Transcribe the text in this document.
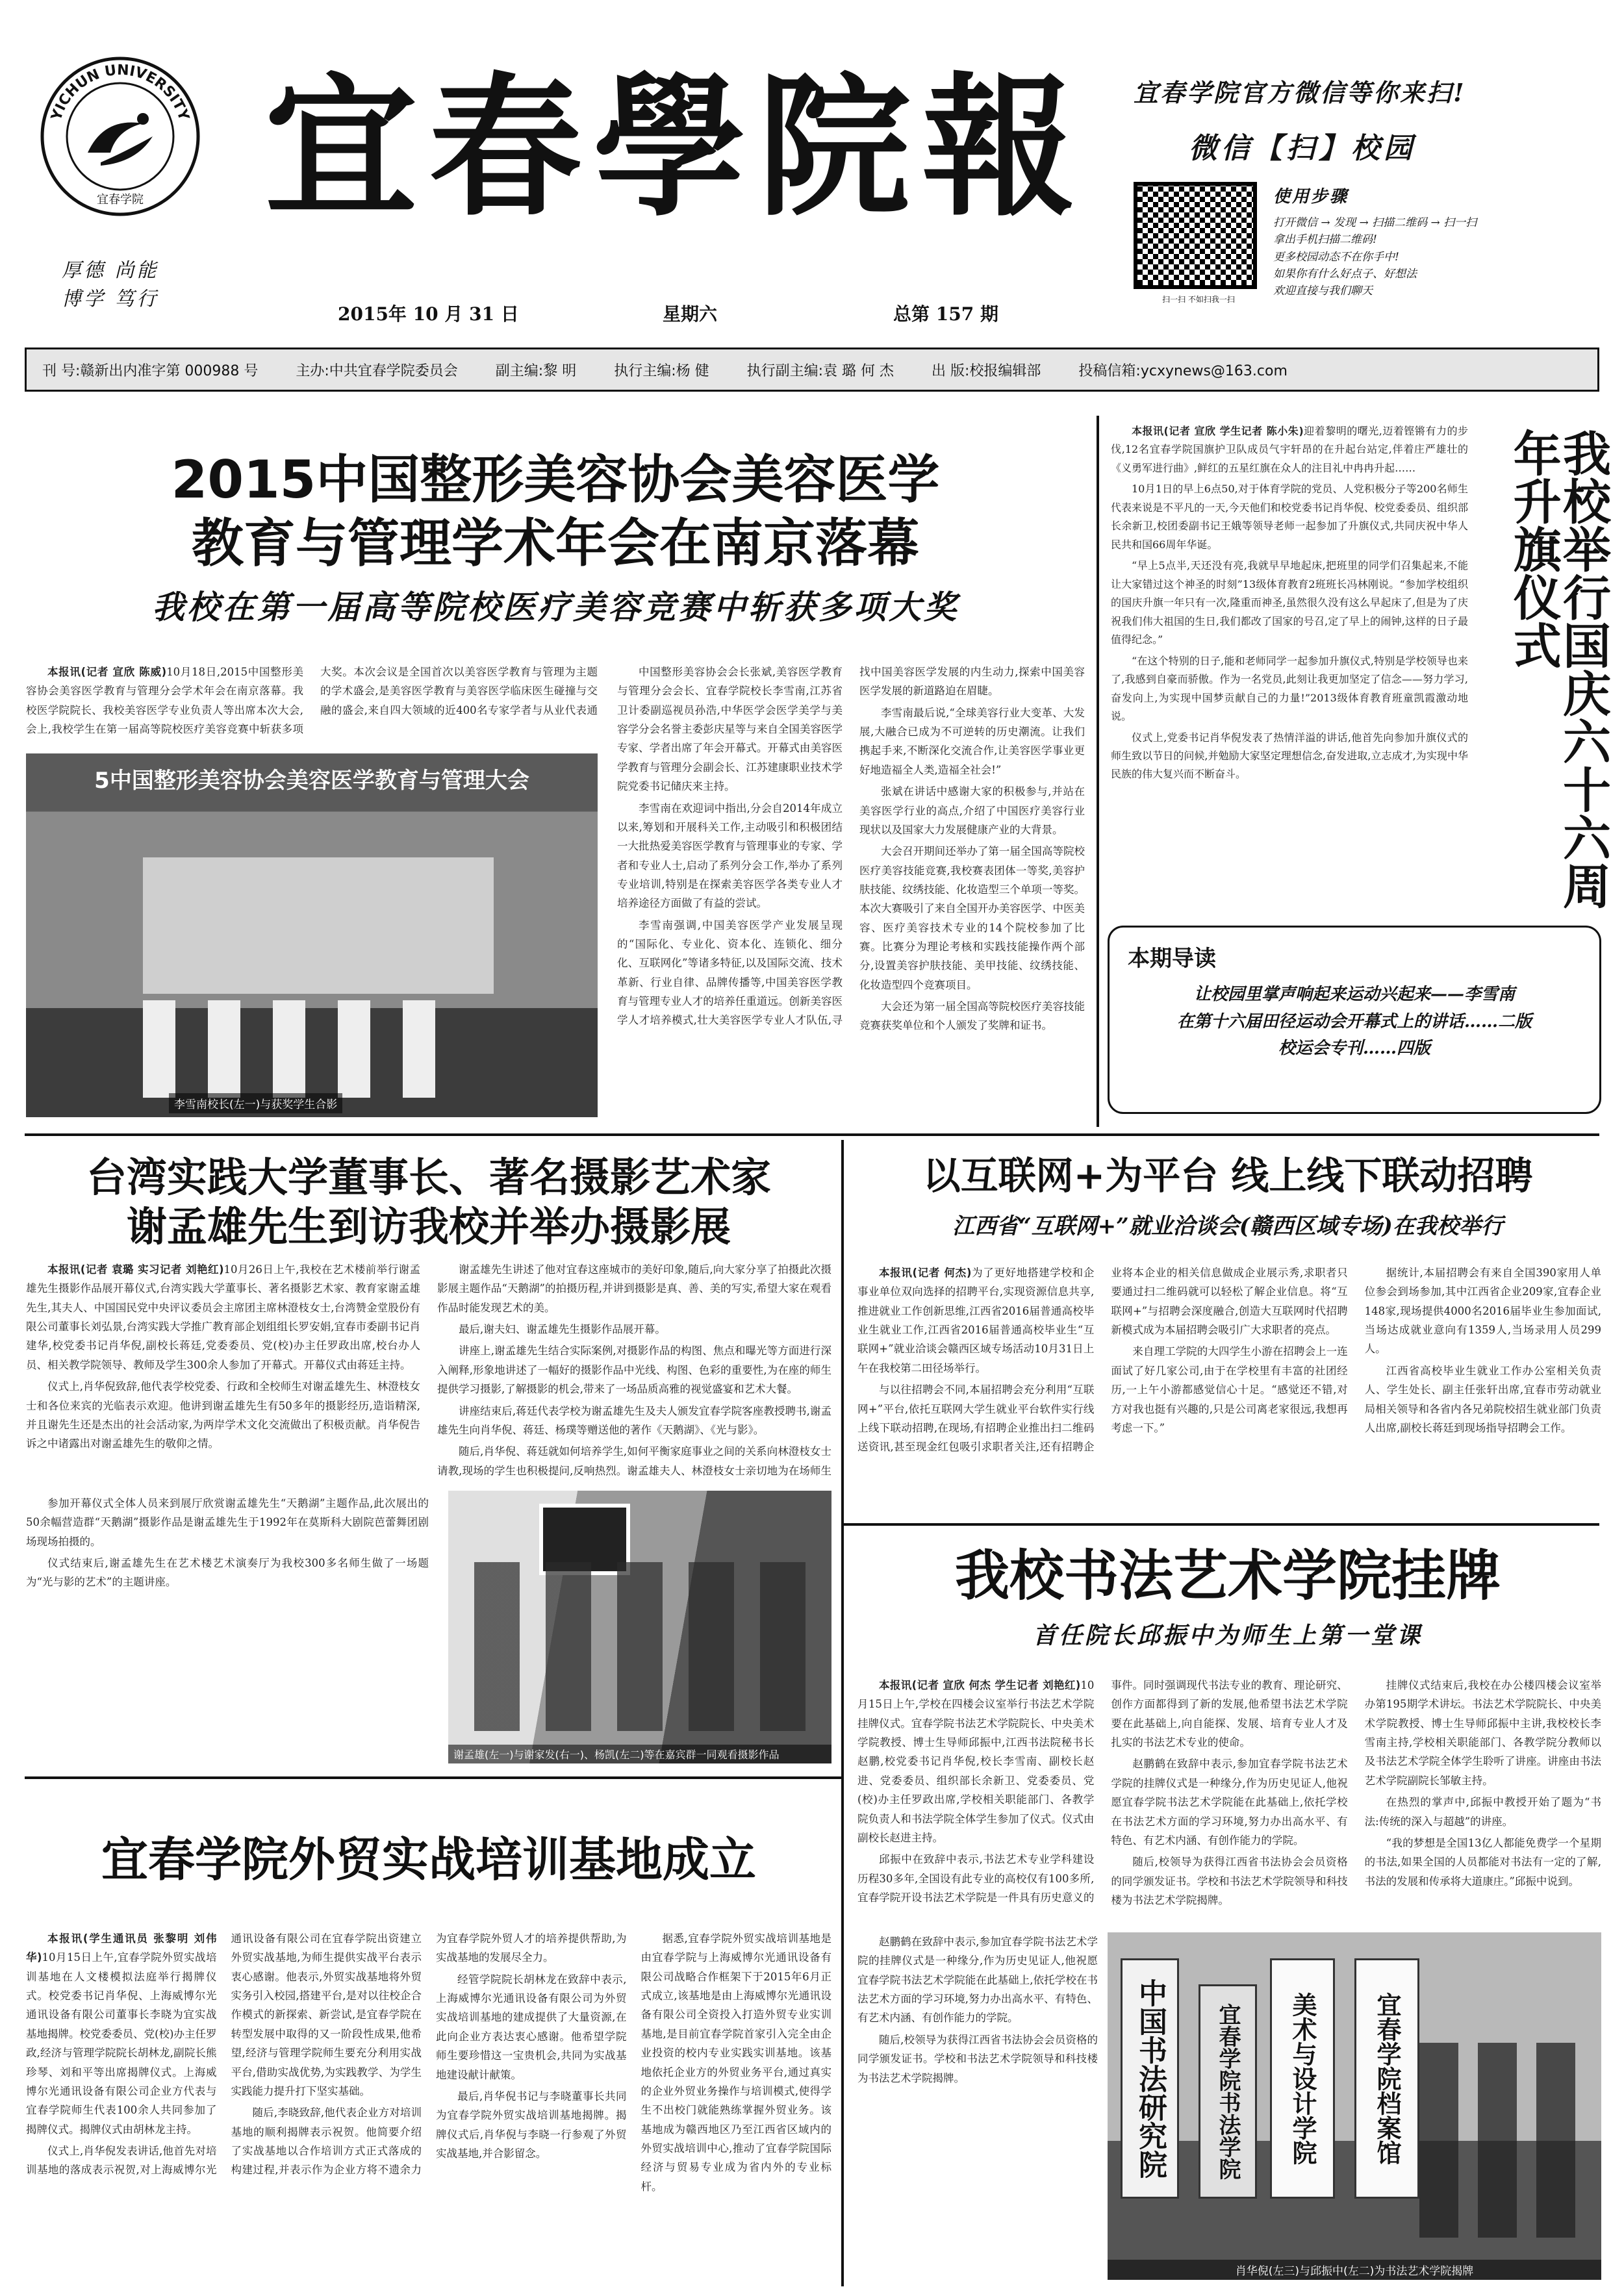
YICHUN UNIVERSITY
宜春学院
厚德 尚能
博学 笃行
宜春學院報
2015年 10 月 31 日	星期六	总第 157 期
宜春学院官方微信等你来扫!
微信【扫】校园
扫一扫 不如扫我一扫
使用步骤
打开微信 → 发现 → 扫描二维码 → 扫一扫
拿出手机扫描二维码!
更多校园动态不在你手中!
如果你有什么好点子、好想法
欢迎直接与我们聊天
刊 号:赣新出内准字第 000988 号	主办:中共宜春学院委员会	副主编:黎 明	执行主编:杨 健	执行副主编:袁 璐 何 杰	出 版:校报编辑部	投稿信箱:ycxynews@163.com
2015中国整形美容协会美容医学
教育与管理学术年会在南京落幕
我校在第一届高等院校医疗美容竞赛中斩获多项大奖

本报讯(记者 宣欣 陈威)10月18日,2015中国整形美容协会美容医学教育与管理分会学术年会在南京落幕。我校医学院院长、我校美容医学专业负责人等出席本次大会,会上,我校学生在第一届高等院校医疗美容竞赛中斩获多项大奖。本次会议是全国首次以美容医学教育与管理为主题的学术盛会,是美容医学教育与美容医学临床医生碰撞与交融的盛会,来自四大领域的近400名专家学者与从业代表通

5中国整形美容协会美容医学教育与管理大会
李雪南校长(左一)与获奖学生合影

中国整形美容协会会长张斌,美容医学教育与管理分会会长、宜春学院校长李雪南,江苏省卫计委副巡视员孙浩,中华医学会医学美学与美容学分会名誉主委彭庆星等与来自全国美容医学专家、学者出席了年会开幕式。开幕式由美容医学教育与管理分会副会长、江苏建康职业技术学院党委书记储庆来主持。

李雪南在欢迎词中指出,分会自2014年成立以来,筹划和开展科关工作,主动吸引和积极团结一大批热爱美容医学教育与管理事业的专家、学者和专业人士,启动了系列分会工作,举办了系列专业培训,特别是在探索美容医学各类专业人才培养途径方面做了有益的尝试。

李雪南强调,中国美容医学产业发展呈现的“国际化、专业化、资本化、连锁化、细分化、互联网化”等诸多特征,以及国际交流、技术革新、行业自律、品牌传播等,中国美容医学教育与管理专业人才的培养任重道远。创新美容医学人才培养模式,壮大美容医学专业人才队伍,寻找中国美容医学发展的内生动力,探索中国美容医学发展的新道路迫在眉睫。

李雪南最后说,“全球美容行业大变革、大发展,大融合已成为不可逆转的历史潮流。让我们携起手来,不断深化交流合作,让美容医学事业更好地造福全人类,造福全社会!”

张斌在讲话中感谢大家的积极参与,并站在美容医学行业的高点,介绍了中国医疗美容行业现状以及国家大力发展健康产业的大背景。

大会召开期间还举办了第一届全国高等院校医疗美容技能竞赛,我校赛表团体一等奖,美容护肤技能、纹绣技能、化妆造型三个单项一等奖。本次大赛吸引了来自全国开办美容医学、中医美容、医疗美容技术专业的14个院校参加了比赛。比赛分为理论考核和实践技能操作两个部分,设置美容护肤技能、美甲技能、纹绣技能、化妆造型四个竞赛项目。

大会还为第一届全国高等院校医疗美容技能竞赛获奖单位和个人颁发了奖牌和证书。

本报讯(记者 宣欣 学生记者 陈小朱)迎着黎明的曙光,迈着铿锵有力的步伐,12名宜春学院国旗护卫队成员气宇轩昂的在升起台站定,伴着庄严雄壮的《义勇军进行曲》,鲜红的五星红旗在众人的注目礼中冉冉升起……

10月1日的早上6点50,对于体育学院的党员、人党积极分子等200名师生代表来说是不平凡的一天,今天他们和校党委书记肖华倪、校党委委员、组织部长余新卫,校团委副书记王娥等领导老师一起参加了升旗仪式,共同庆祝中华人民共和国66周年华诞。

“早上5点半,天还没有亮,我就早早地起床,把班里的同学们召集起来,不能让大家错过这个神圣的时刻”13级体育教育2班班长冯林刚说。“参加学校组织的国庆升旗一年只有一次,隆重而神圣,虽然很久没有这么早起床了,但是为了庆祝我们伟大祖国的生日,我们都改了国家的号召,定了早上的闹钟,这样的日子最值得纪念。”

“在这个特别的日子,能和老师同学一起参加升旗仪式,特别是学校领导也来了,我感到自豪而骄傲。作为一名党员,此刻让我更加坚定了信念——努力学习,奋发向上,为实现中国梦贡献自己的力量!”2013级体育教育班童凯霞激动地说。

仪式上,党委书记肖华倪发表了热情洋溢的讲话,他首先向参加升旗仪式的师生致以节日的问候,并勉励大家坚定理想信念,奋发进取,立志成才,为实现中华民族的伟大复兴而不断奋斗。	我校举行国庆六十六周年升旗仪式
本期导读
让校园里掌声响起来运动兴起来——李雪南
在第十六届田径运动会开幕式上的讲话……二版
校运会专刊……四版
台湾实践大学董事长、著名摄影艺术家
谢孟雄先生到访我校并举办摄影展

本报讯(记者 袁璐 实习记者 刘艳红)10月26日上午,我校在艺术楼前举行谢孟雄先生摄影作品展开幕仪式,台湾实践大学董事长、著名摄影艺术家、教育家谢孟雄先生,其夫人、中国国民党中央评议委员会主席团主席林澄枝女士,台湾赞金堂股份有限公司董事长刘弘景,台湾实践大学推广教育部企划组组长罗安娟,宜春市委副书记肖建华,校党委书记肖华倪,副校长蒋廷,党委委员、党(校)办主任罗政出席,校台办人员、相关教学院领导、教师及学生300余人参加了开幕式。开幕仪式由蒋廷主持。

仪式上,肖华倪致辞,他代表学校党委、行政和全校师生对谢孟雄先生、林澄枝女士和各位来宾的光临表示欢迎。他讲到谢孟雄先生有50多年的摄影经历,造诣精深,并且谢先生还是杰出的社会活动家,为两岸学术文化交流做出了积极贡献。肖华倪告诉之中诸露出对谢孟雄先生的敬仰之情。

谢孟雄先生讲述了他对宜春这座城市的美好印象,随后,向大家分享了拍摄此次摄影展主题作品“天鹅湖”的拍摄历程,并讲到摄影是真、善、美的写实,希望大家在观看作品时能发现艺术的美。

最后,谢夫妇、谢孟雄先生摄影作品展开幕。

讲座上,谢孟雄先生结合实际案例,对摄影作品的构图、焦点和曝光等方面进行深入阐释,形象地讲述了一幅好的摄影作品中光线、构图、色彩的重要性,为在座的师生提供学习摄影,了解摄影的机会,带来了一场品质高雅的视觉盛宴和艺术大餐。

讲座结束后,蒋廷代表学校为谢孟雄先生及夫人颁发宜春学院客座教授聘书,谢孟雄先生向肖华倪、蒋廷、杨璞等赠送他的著作《天鹅湖》、《光与影》。

随后,肖华倪、蒋廷就如何培养学生,如何平衡家庭事业之间的关系向林澄枝女士请教,现场的学生也积极提问,反响热烈。谢孟雄夫人、林澄枝女士亲切地为在场师生

参加开幕仪式全体人员来到展厅欣赏谢孟雄先生“天鹅湖”主题作品,此次展出的50余幅营造群“天鹅湖”摄影作品是谢孟雄先生于1992年在莫斯科大剧院芭蕾舞团剧场现场拍摄的。

仪式结束后,谢孟雄先生在艺术楼艺术演奏厅为我校300多名师生做了一场题为“光与影的艺术”的主题讲座。

谢孟雄(左一)与谢家发(右一)、杨凯(左二)等在嘉宾群一同观看摄影作品
以互联网+为平台 线上线下联动招聘
江西省“互联网+”就业洽谈会(赣西区域专场)在我校举行

本报讯(记者 何杰)为了更好地搭建学校和企事业单位双向选择的招聘平台,实现资源信息共享,推进就业工作创新思维,江西省2016届普通高校毕业生就业工作,江西省2016届普通高校毕业生“互联网+”就业洽谈会赣西区域专场活动10月31日上午在我校第二田径场举行。

与以往招聘会不同,本届招聘会充分利用“互联网+”平台,依托互联网大学生就业平台软件实行线上线下联动招聘,在现场,有招聘企业推出扫二维码送资讯,甚至现金红包吸引求职者关注,还有招聘企业将本企业的相关信息做成企业展示秀,求职者只要通过扫二维码就可以轻松了解企业信息。将“互联网+”与招聘会深度融合,创造大互联网时代招聘新模式成为本届招聘会吸引广大求职者的亮点。

来自理工学院的大四学生小游在招聘会上一连面试了好几家公司,由于在学校里有丰富的社团经历,一上午小游都感觉信心十足。“感觉还不错,对方对我也挺有兴趣的,只是公司离老家很远,我想再考虑一下。”

据统计,本届招聘会有来自全国390家用人单位参会到场参加,其中江西省企业209家,宜春企业148家,现场提供4000名2016届毕业生参加面试,当场达成就业意向有1359人,当场录用人员299人。

江西省高校毕业生就业工作办公室相关负责人、学生处长、副主任张轩出席,宜春市劳动就业局相关领导和各省内各兄弟院校招生就业部门负责人出席,副校长蒋廷到现场指导招聘会工作。

我校书法艺术学院挂牌
首任院长邱振中为师生上第一堂课

本报讯(记者 宣欣 何杰 学生记者 刘艳红)10月15日上午,学校在四楼会议室举行书法艺术学院挂牌仪式。宜春学院书法艺术学院院长、中央美术学院教授、博士生导师邱振中,江西书法院秘书长赵鹏,校党委书记肖华倪,校长李雪南、副校长赵进、党委委员、组织部长余新卫、党委委员、党(校)办主任罗政出席,学校相关职能部门、各教学院负责人和书法学院全体学生参加了仪式。仪式由副校长赵进主持。

邱振中在致辞中表示,书法艺术专业学科建设历程30多年,全国设有此专业的高校仅有100多所,宜春学院开设书法艺术学院是一件具有历史意义的事件。同时强调现代书法专业的教育、理论研究、创作方面都得到了新的发展,他希望书法艺术学院要在此基础上,向自能探、发展、培育专业人才及扎实的书法艺术专业的使命。

赵鹏鹤在致辞中表示,参加宜春学院书法艺术学院的挂牌仪式是一种缘分,作为历史见证人,他祝愿宜春学院书法艺术学院能在此基础上,依托学校在书法艺术方面的学习环境,努力办出高水平、有特色、有艺术内涵、有创作能力的学院。

随后,校领导为获得江西省书法协会会员资格的同学颁发证书。学校和书法艺术学院领导和科技楼为书法艺术学院揭牌。

挂牌仪式结束后,我校在办公楼四楼会议室举办第195期学术讲坛。书法艺术学院院长、中央美术学院教授、博士生导师邱振中主讲,我校校长李雪南主持,学校相关职能部门、各教学院分教师以及书法艺术学院全体学生聆听了讲座。讲座由书法艺术学院副院长邹敏主持。

在热烈的掌声中,邱振中教授开始了题为“书法:传统的深入与超越”的讲座。

“我的梦想是全国13亿人都能免费学一个星期的书法,如果全国的人员都能对书法有一定的了解,书法的发展和传承将大道康庄。”邱振中说到。

赵鹏鹤在致辞中表示,参加宜春学院书法艺术学院的挂牌仪式是一种缘分,作为历史见证人,他祝愿宜春学院书法艺术学院能在此基础上,依托学校在书法艺术方面的学习环境,努力办出高水平、有特色、有艺术内涵、有创作能力的学院。

随后,校领导为获得江西省书法协会会员资格的同学颁发证书。学校和书法艺术学院领导和科技楼为书法艺术学院揭牌。	中国书法研究院	美术与设计学院
宜春学院书法学院	宜春学院档案馆
肖华倪(左三)与邱振中(左二)为书法艺术学院揭牌
宜春学院外贸实战培训基地成立

本报讯(学生通讯员 张黎明 刘伟华)10月15日上午,宜春学院外贸实战培训基地在人文楼模拟法庭举行揭牌仪式。校党委书记肖华倪、上海威博尔光通讯设备有限公司董事长李晓为宜实战基地揭牌。校党委委员、党(校)办主任罗政,经济与管理学院院长胡林龙,副院长熊珍琴、刘和平等出席揭牌仪式。上海威博尔光通讯设备有限公司企业方代表与宜春学院师生代表100余人共同参加了揭牌仪式。揭牌仪式由胡林龙主持。

仪式上,肖华倪发表讲话,他首先对培训基地的落成表示祝贺,对上海威博尔光通讯设备有限公司在宜春学院出资建立外贸实战基地,为师生提供实战平台表示衷心感谢。他表示,外贸实战基地将外贸实务引入校园,搭建平台,是对以往校企合作模式的新探索、新尝试,是宜春学院在转型发展中取得的又一阶段性成果,他希望,经济与管理学院师生要充分利用实战平台,借助实战优势,为实践教学、为学生实践能力提升打下坚实基础。

随后,李晓致辞,他代表企业方对培训基地的顺利揭牌表示祝贺。他简要介绍了实战基地以合作培训方式正式落成的构建过程,并表示作为企业方将不遗余力为宜春学院外贸人才的培养提供帮助,为实战基地的发展尽全力。

经管学院院长胡林龙在致辞中表示,上海威博尔光通讯设备有限公司为外贸实战培训基地的建成提供了大量资源,在此向企业方表达衷心感谢。他希望学院师生要珍惜这一宝贵机会,共同为实战基地建设献计献策。

最后,肖华倪书记与李晓董事长共同为宜春学院外贸实战培训基地揭牌。揭牌仪式后,肖华倪与李晓一行参观了外贸实战基地,并合影留念。

据悉,宜春学院外贸实战培训基地是由宜春学院与上海威博尔光通讯设备有限公司战略合作框架下于2015年6月正式成立,该基地是由上海威博尔光通讯设备有限公司全资投入打造外贸专业实训基地,是目前宜春学院首家引入完全由企业投资的校内专业实践实训基地。该基地依托企业方的外贸业务平台,通过真实的企业外贸业务操作与培训模式,使得学生不出校门就能熟练掌握外贸业务。该基地成为赣西地区乃至江西省区域内的外贸实战培训中心,推动了宜春学院国际经济与贸易专业成为省内外的专业标杆。
